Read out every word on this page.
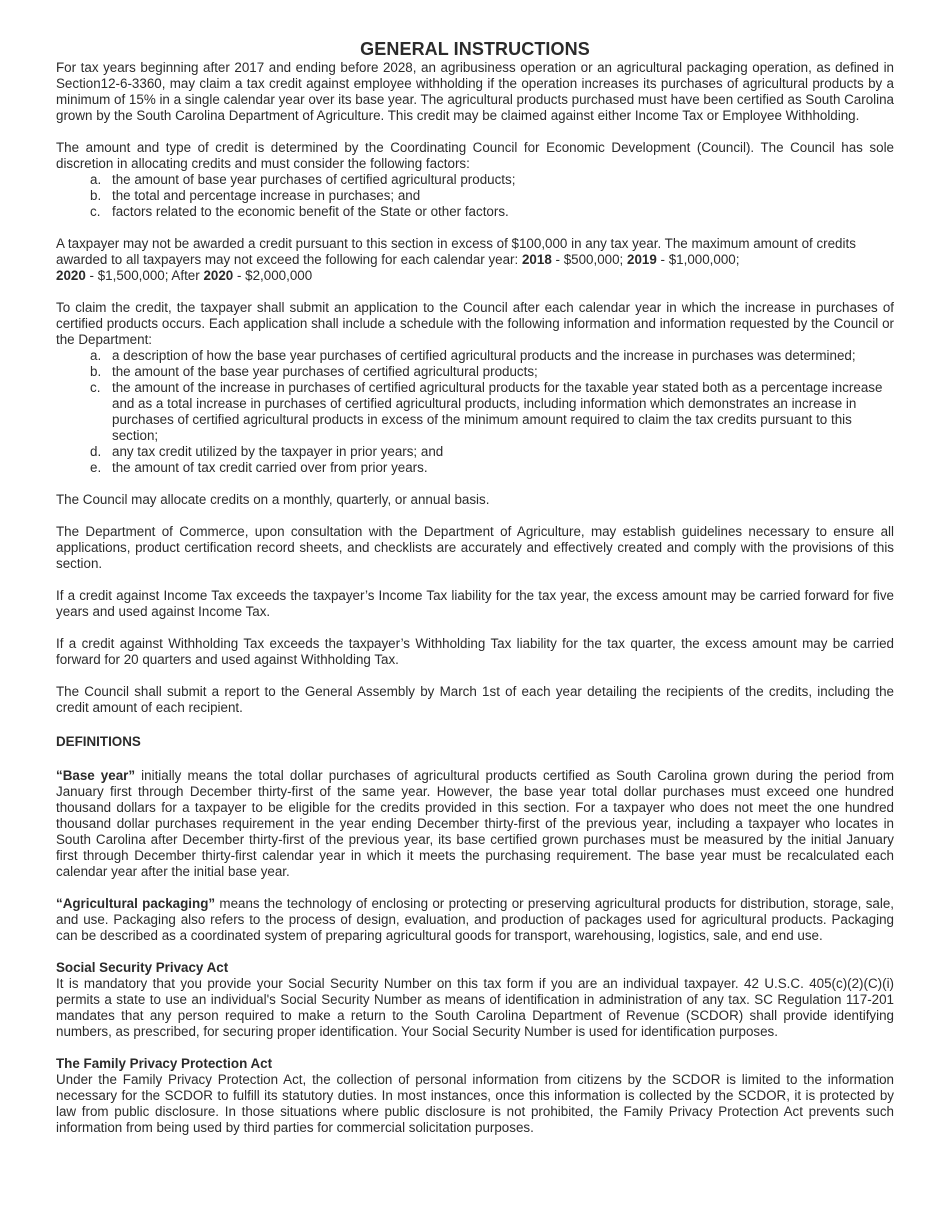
GENERAL INSTRUCTIONS

For tax years beginning after 2017 and ending before 2028, an agribusiness operation or an agricultural packaging operation, as defined in Section12-6-3360, may claim a tax credit against employee withholding if the operation increases its purchases of agricultural products by a minimum of 15% in a single calendar year over its base year. The agricultural products purchased must have been certified as South Carolina grown by the South Carolina Department of Agriculture. This credit may be claimed against either Income Tax or Employee Withholding.

The amount and type of credit is determined by the Coordinating Council for Economic Development (Council). The Council has sole discretion in allocating credits and must consider the following factors:

a. the amount of base year purchases of certified agricultural products;
b. the total and percentage increase in purchases; and
c. factors related to the economic benefit of the State or other factors.

A taxpayer may not be awarded a credit pursuant to this section in excess of $100,000 in any tax year. The maximum amount of credits awarded to all taxpayers may not exceed the following for each calendar year: 2018 - $500,000; 2019 - $1,000,000;
2020 - $1,500,000; After 2020 - $2,000,000

To claim the credit, the taxpayer shall submit an application to the Council after each calendar year in which the increase in purchases of certified products occurs. Each application shall include a schedule with the following information and information requested by the Council or the Department:

a. a description of how the base year purchases of certified agricultural products and the increase in purchases was determined;
b. the amount of the base year purchases of certified agricultural products;
c. the amount of the increase in purchases of certified agricultural products for the taxable year stated both as a percentage increase and as a total increase in purchases of certified agricultural products, including information which demonstrates an increase in purchases of certified agricultural products in excess of the minimum amount required to claim the tax credits pursuant to this section;
d. any tax credit utilized by the taxpayer in prior years; and
e. the amount of tax credit carried over from prior years.

The Council may allocate credits on a monthly, quarterly, or annual basis.

The Department of Commerce, upon consultation with the Department of Agriculture, may establish guidelines necessary to ensure all applications, product certification record sheets, and checklists are accurately and effectively created and comply with the provisions of this section.

If a credit against Income Tax exceeds the taxpayer’s Income Tax liability for the tax year, the excess amount may be carried forward for five years and used against Income Tax.

If a credit against Withholding Tax exceeds the taxpayer’s Withholding Tax liability for the tax quarter, the excess amount may be carried forward for 20 quarters and used against Withholding Tax.

The Council shall submit a report to the General Assembly by March 1st of each year detailing the recipients of the credits, including the credit amount of each recipient.

DEFINITIONS

“Base year” initially means the total dollar purchases of agricultural products certified as South Carolina grown during the period from January first through December thirty-first of the same year. However, the base year total dollar purchases must exceed one hundred thousand dollars for a taxpayer to be eligible for the credits provided in this section. For a taxpayer who does not meet the one hundred thousand dollar purchases requirement in the year ending December thirty-first of the previous year, including a taxpayer who locates in South Carolina after December thirty-first of the previous year, its base certified grown purchases must be measured by the initial January first through December thirty-first calendar year in which it meets the purchasing requirement. The base year must be recalculated each calendar year after the initial base year.

“Agricultural packaging” means the technology of enclosing or protecting or preserving agricultural products for distribution, storage, sale, and use. Packaging also refers to the process of design, evaluation, and production of packages used for agricultural products. Packaging can be described as a coordinated system of preparing agricultural goods for transport, warehousing, logistics, sale, and end use.

Social Security Privacy Act

It is mandatory that you provide your Social Security Number on this tax form if you are an individual taxpayer. 42 U.S.C. 405(c)(2)(C)(i) permits a state to use an individual's Social Security Number as means of identification in administration of any tax. SC Regulation 117-201 mandates that any person required to make a return to the South Carolina Department of Revenue (SCDOR) shall provide identifying numbers, as prescribed, for securing proper identification. Your Social Security Number is used for identification purposes.

The Family Privacy Protection Act

Under the Family Privacy Protection Act, the collection of personal information from citizens by the SCDOR is limited to the information necessary for the SCDOR to fulfill its statutory duties. In most instances, once this information is collected by the SCDOR, it is protected by law from public disclosure. In those situations where public disclosure is not prohibited, the Family Privacy Protection Act prevents such information from being used by third parties for commercial solicitation purposes.
